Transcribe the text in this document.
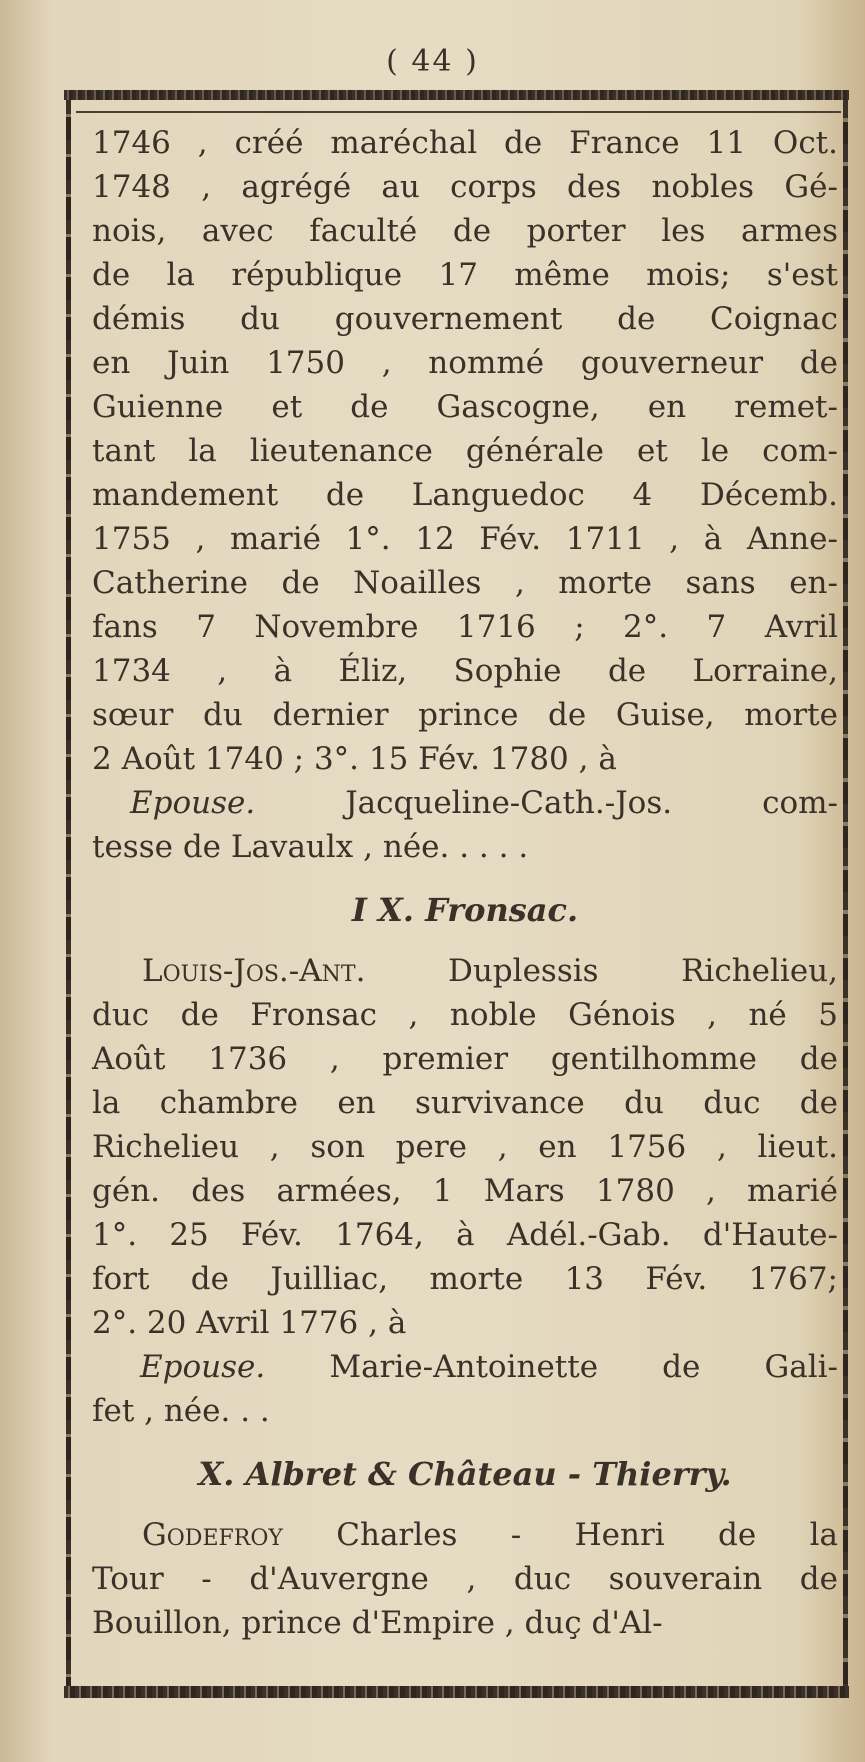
( 44 )
1746 , créé maréchal de France 11 Oct.
1748 , agrégé au corps des nobles Gé-
nois, avec faculté de porter les armes
de la république 17 même mois; s'est
démis du gouvernement de Coignac
en Juin 1750 , nommé gouverneur de
Guienne et de Gascogne, en remet-
tant la lieutenance générale et le com-
mandement de Languedoc 4 Décemb.
1755 , marié 1°. 12 Fév. 1711 , à Anne-
Catherine de Noailles , morte sans en-
fans 7 Novembre 1716 ; 2°. 7 Avril
1734 , à Éliz, Sophie de Lorraine,
sœur du dernier prince de Guise, morte
2 Août 1740 ; 3°. 15 Fév. 1780 , à
Epouse.	Jacqueline-Cath.-Jos. com-
tesse de Lavaulx , née. . . . .
I X. Fronsac.
Louis-Jos.-Ant.	Duplessis Richelieu,
duc de Fronsac , noble Génois , né 5
Août 1736 , premier gentilhomme de
la chambre en survivance du duc de
Richelieu , son pere , en 1756 , lieut.
gén. des armées, 1 Mars 1780 , marié
1°. 25 Fév. 1764, à Adél.-Gab. d'Haute-
fort de Juilliac, morte 13 Fév. 1767;
2°. 20 Avril 1776 , à
Epouse. Marie-Antoinette de Gali-
fet , née. . .
X. Albret & Château - Thierry.
Godefroy Charles - Henri de la
Tour - d'Auvergne , duc souverain de
Bouillon, prince d'Empire , duç d'Al-
